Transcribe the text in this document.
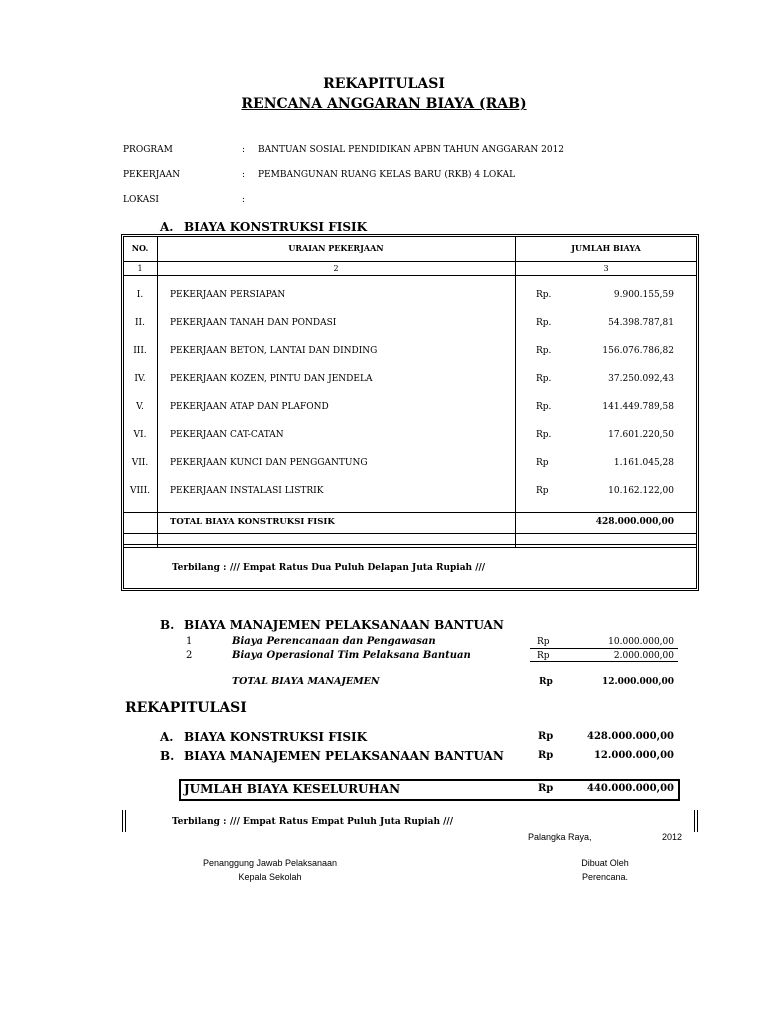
REKAPITULASI
RENCANA ANGGARAN BIAYA (RAB)
PROGRAM	: BANTUAN SOSIAL PENDIDIKAN APBN TAHUN ANGGARAN 2012
PEKERJAAN	: PEMBANGUNAN RUANG KELAS BARU (RKB) 4 LOKAL
LOKASI	:
A. BIAYA KONSTRUKSI FISIK
NO.	URAIAN PEKERJAAN	JUMLAH BIAYA
1	2	3
I.	PEKERJAAN PERSIAPAN	Rp.	9.900.155,59
II.	PEKERJAAN TANAH DAN PONDASI	Rp.	54.398.787,81
III.	PEKERJAAN BETON, LANTAI DAN DINDING	Rp.	156.076.786,82
IV.	PEKERJAAN KOZEN, PINTU DAN JENDELA	Rp.	37.250.092,43
V.	PEKERJAAN ATAP DAN PLAFOND	Rp.	141.449.789,58
VI.	PEKERJAAN CAT-CATAN	Rp.	17.601.220,50
VII.	PEKERJAAN KUNCI DAN PENGGANTUNG	Rp	1.161.045,28
VIII.	PEKERJAAN INSTALASI LISTRIK	Rp	10.162.122,00
TOTAL BIAYA KONSTRUKSI FISIK	428.000.000,00
Terbilang : /// Empat Ratus Dua Puluh Delapan Juta Rupiah ///
B. BIAYA MANAJEMEN PELAKSANAAN BANTUAN
1	Biaya Perencanaan dan Pengawasan	Rp	10.000.000,00
2	Biaya Operasional Tim Pelaksana Bantuan	Rp	2.000.000,00
TOTAL BIAYA MANAJEMEN	Rp	12.000.000,00
REKAPITULASI
A. BIAYA KONSTRUKSI FISIK	Rp	428.000.000,00
B. BIAYA MANAJEMEN PELAKSANAAN BANTUAN	Rp	12.000.000,00
JUMLAH BIAYA KESELURUHAN	Rp	440.000.000,00
Terbilang : /// Empat Ratus Empat Puluh Juta Rupiah ///
Palangka Raya,	2012
Penanggung Jawab Pelaksanaan
Kepala Sekolah
Dibuat Oleh
Perencana.
